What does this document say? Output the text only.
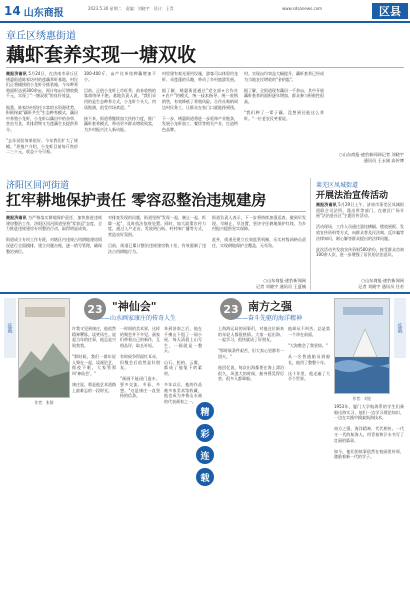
14 山东商报	2023.5.30 星期二　责编：刘晓宇　设计：王青	www.sdsanews.com	区县
章丘区绣惠街道
藕虾套养实现一塘双收
商报济南讯 5月24日，在济南市章丘区绣惠街道陈家坊村的莲藕养虾基地，村民们正将捕捞的小龙虾分拣装箱，今年种养殖面积达到300余亩，预计每亩可增收数千元，实现了"一塘双收"的良好效益。

据悉，陈家坊村依托丰富的水资源优势，积极探索"藕虾共生"生态种养模式，藕田中养殖小龙虾，小龙虾以藕田中的杂草、害虫为食，其排泄物又为莲藕生长提供养分。

"去年试验效果很好，今年我们扩大了规模。"养殖户介绍，小龙虾目前每斤售价二三十元，收益十分可观。
300-400斤，亩产比单纯种藕增加不少。

目前，正值小龙虾上市旺季，前来收购的客商络绎不绝。基地负责人说，"我们采用的是生态种养方式，小龙虾个头大、肉质饱满，很受市场欢迎。"

接下来，街道将继续加大扶持力度，推广藕虾套养模式，带动更多群众增收致富，为乡村振兴注入新动能。
村里建有观光垂钓设施，游客可以体验钓龙虾、采莲蓬的乐趣，带动了乡村旅游发展。

据了解，绣惠街道通过"党支部+合作社+农户"的模式，统一技术指导、统一收购销售，有效降低了养殖风险。合作社吸纳周边村民务工，让群众在家门口就能挣到钱。

下一步，绣惠街道将进一步延伸产业链条，发展小龙虾加工、餐饮等相关产业，打造特色品牌。
村，实现亩均效益大幅提升，藕虾套养已经成为当地农民增收的"金钥匙"。

据了解，全街道现有藕田一千余亩，其中开展藕虾套养的面积逐年增加，群众参与积极性很高。

"我们种了一辈子藕，没想到还能这么养虾。"一位老农民笑着说。
○山东商报·速豹新闻网记者 刘晓宇
通讯员 王永刚 高传博
济阳区回河街道
扛牢耕地保护责任 零容忍整治违规建房
商报济南讯 为严格落实耕地保护责任，加快推进违规建房整治工作，济阳区回河街道坚持"零容忍"态度，全力推进违规建房专项整治行动，取得明显成效。

街道成立专项工作专班，对辖区内违规占用耕地建房情况进行全面摸排，建立问题台账，逐一销号管理，确保整治到位。
对排查发现的问题，街道坚持"发现一起、制止一起、拆除一起"，及时依法依规处置。同时，加大政策宣传力度，通过入户走访、发放明白纸、村村响广播等方式，营造良好氛围。

目前，街道已累计整治违规建房数十处，有效遏制了违法占用耕地行为。
街道负责人表示，下一步将持续加强巡查，做到早发现、早制止、早处置，坚决守住耕地保护红线，为乡村振兴提供坚实保障。

此外，街道还建立长效监管机制，压实村级网格员责任，实现耕地保护全覆盖、无死角。
○山东商报·速豹新闻网
记者 刘晓宇 通讯员 王夏楠
莱芜区凤城街道
开展法治宣传活动
商报济南讯 5月29日上午，济南市莱芜区凤城街道联合司法所、派出所等部门，在辖区广场开展"法治进社区"主题宣传活动。

活动现场，工作人员通过悬挂横幅、摆放展板、发放宣传资料等方式，向群众普及民法典、反诈骗等法律知识，耐心解答群众提出的法律问题。

此次活动共发放宣传资料500余份，接受群众咨询100余人次，进一步增强了居民的法治意识。
○山东商报·速豹新闻网
记者 刘晓宇 通讯员 任若
连载
作者：张翔
23 "神仙会"
——山水画家康庄的传奇人生
许我又见到康庄，他依然精神矍铄，谈笑风生。说起当年的往事，他总是兴致勃勃。

"那时候，我们一群年轻人聚在一起，谈画论艺，彻夜不眠，大家管那叫'神仙会'。"

康庄说，那是他艺术道路上最难忘的一段时光。
一时间的美术界，这样的聚会并不多见。画家们带着自己的新作，互相品评，取长补短。

有时候争得面红耳赤，但散会后依然是好朋友。

"画画不能闭门造车，要多交流、多看、多想。"这是康庄一直坚持的信条。
来到济南之后，他在千佛山下租了一间小屋，每天清晨上山写生，一画就是一整天。

山石、松柏、云雾，都成了他笔下的素材。

多年以后，他的作品被多家美术馆收藏，他也成为齐鲁山水画的代表画家之一。
精
彩
连
载
23 南方之强
——奋斗先驱的海洋精神
上海海运局的同事们，对他这位新来的年轻人都很热情。大家一起出海、一起学习，很快就成了好朋友。

"那时候条件艰苦，但大家心里都有一团火。"

他回忆说，每次出海都要在海上漂泊很久，风浪大的时候，船身摇晃得厉害，很多人都晕船。
他却从不叫苦，总是第一个冲在前面。

"大海教会了我坚韧。"

从一名普通船员到船长，他用了整整十年。

这十年里，他走遍了大半个世界。
作者：刘宏
连载
1953年，厦门大学航海系的学生们乘船出海实习，他们一边学习理论知识，一边在实践中摸索航海技术。

南方之强，海洋精神，代代相传。一代又一代的航海人，用青春和汗水书写了壮丽的篇章。

如今，他们的故事依然在校园里传颂，激励着新一代的学子。
